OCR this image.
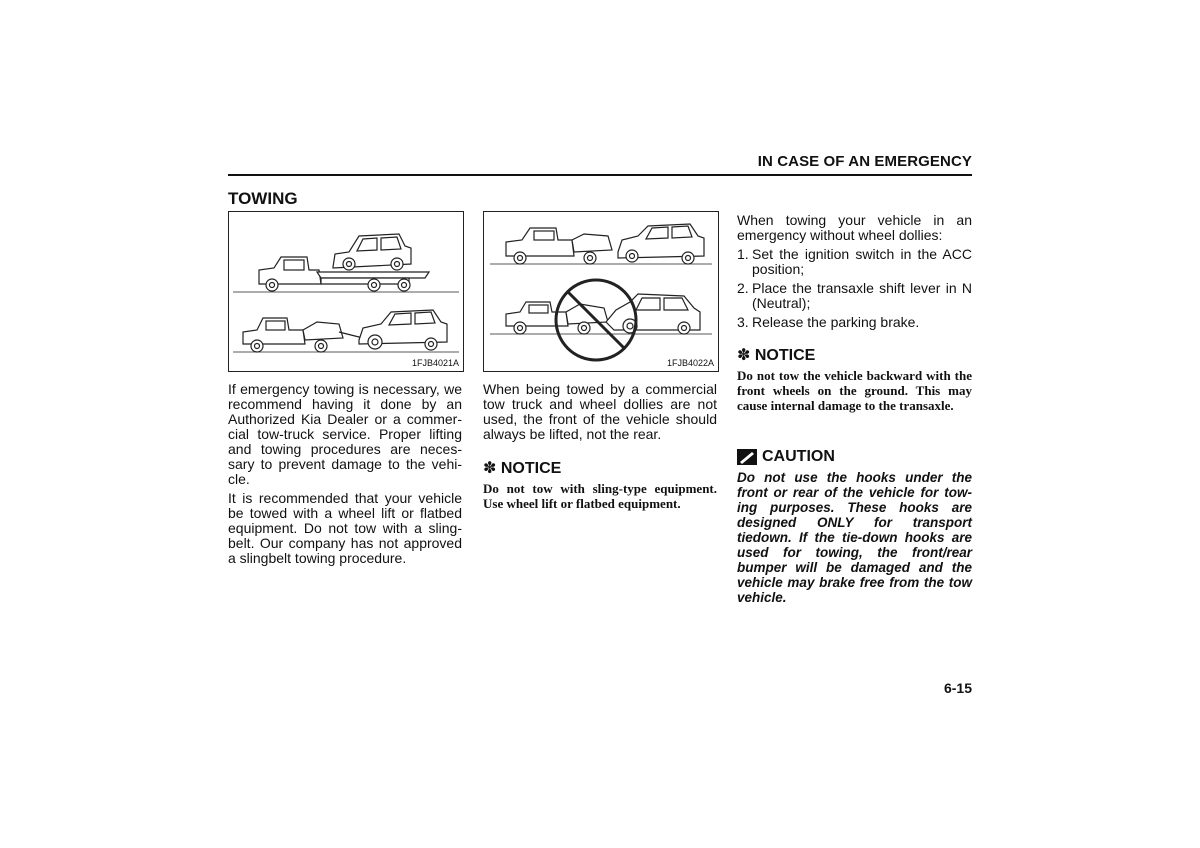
IN CASE OF AN EMERGENCY
TOWING
1FJB4021A	1FJB4022A

If emergency towing is necessary, we recommend having it done by an Authorized Kia Dealer or a commer-cial tow-truck service. Proper lifting and towing procedures are neces-sary to prevent damage to the vehi-cle.

It is recommended that your vehicle be towed with a wheel lift or flatbed equipment. Do not tow with a sling-belt. Our company has not approved a slingbelt towing procedure.

When being towed by a commercial tow truck and wheel dollies are not used, the front of the vehicle should always be lifted, not the rear.

✽ NOTICE
Do not tow with sling-type equipment. Use wheel lift or flatbed equipment.

When towing your vehicle in an emergency without wheel dollies:

1. Set the ignition switch in the ACC position;
2. Place the transaxle shift lever in N (Neutral);
3. Release the parking brake.
✽ NOTICE
Do not tow the vehicle backward with the front wheels on the ground. This may cause internal damage to the transaxle.
CAUTION
Do not use the hooks under the front or rear of the vehicle for tow-ing purposes. These hooks are designed ONLY for transport tiedown. If the tie-down hooks are used for towing, the front/rear bumper will be damaged and the vehicle may brake free from the tow vehicle.
6-15
